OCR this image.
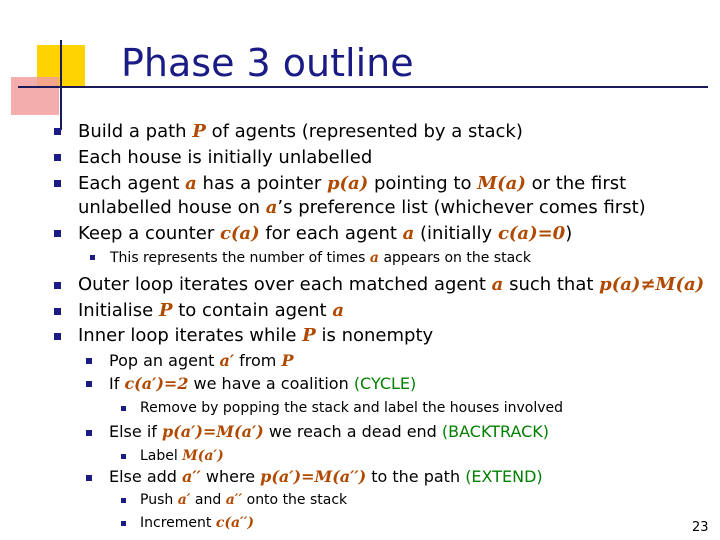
Phase 3 outline
Build a path P of agents (represented by a stack)
Each house is initially unlabelled
Each agent a has a pointer p(a) pointing to M(a) or the first
unlabelled house on a’s preference list (whichever comes first)
Keep a counter c(a) for each agent a (initially c(a)=0)
This represents the number of times a appears on the stack
Outer loop iterates over each matched agent a such that p(a)≠M(a)
Initialise P to contain agent a
Inner loop iterates while P is nonempty
Pop an agent a′ from P
If c(a′)=2 we have a coalition (CYCLE)
Remove by popping the stack and label the houses involved
Else if p(a′)=M(a′) we reach a dead end (BACKTRACK)
Label M(a′)
Else add a′′ where p(a′)=M(a′′) to the path (EXTEND)
Push a′ and a′′ onto the stack
Increment c(a′′)	23
